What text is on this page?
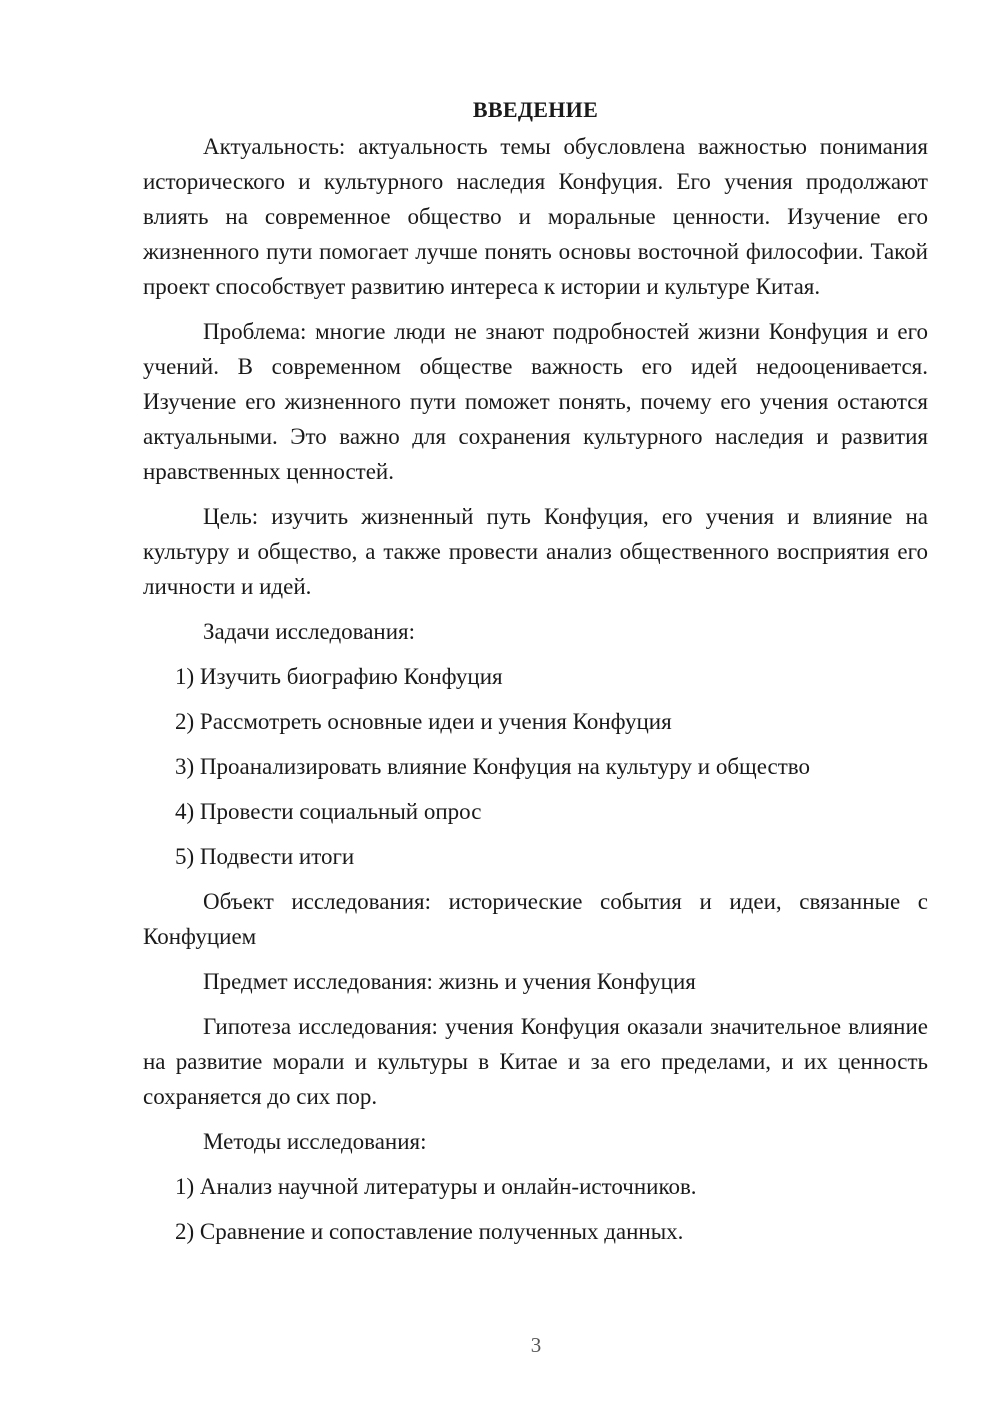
ВВЕДЕНИЕ

Актуальность: актуальность темы обусловлена важностью понимания исторического и культурного наследия Конфуция. Его учения продолжают влиять на современное общество и моральные ценности. Изучение его жизненного пути помогает лучше понять основы восточной философии. Такой проект способствует развитию интереса к истории и культуре Китая.

Проблема: многие люди не знают подробностей жизни Конфуция и его учений. В современном обществе важность его идей недооценивается. Изучение его жизненного пути поможет понять, почему его учения остаются актуальными. Это важно для сохранения культурного наследия и развития нравственных ценностей.

Цель: изучить жизненный путь Конфуция, его учения и влияние на культуру и общество, а также провести анализ общественного восприятия его личности и идей.

Задачи исследования:

1) Изучить биографию Конфуция
2) Рассмотреть основные идеи и учения Конфуция
3) Проанализировать влияние Конфуция на культуру и общество
4) Провести социальный опрос
5) Подвести итоги

Объект исследования: исторические события и идеи, связанные с Конфуцием

Предмет исследования: жизнь и учения Конфуция

Гипотеза исследования: учения Конфуция оказали значительное влияние на развитие морали и культуры в Китае и за его пределами, и их ценность сохраняется до сих пор.

Методы исследования:

1) Анализ научной литературы и онлайн-источников.
2) Сравнение и сопоставление полученных данных.
3
